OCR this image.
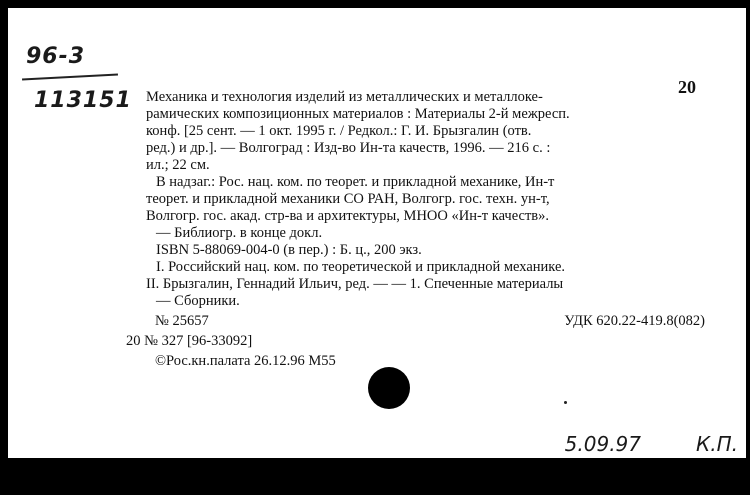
96-3
113151
20
Механика и технология изделий из металлических и металлоке-
рамических композиционных материалов : Материалы 2-й межресп.
конф. [25 сент. — 1 окт. 1995 г. / Редкол.: Г. И. Брызгалин (отв.
ред.) и др.]. — Волгоград : Изд-во Ин-та качеств, 1996. — 216 с. :
ил.; 22 см.
В надзаг.: Рос. нац. ком. по теорет. и прикладной механике, Ин-т
теорет. и прикладной механики СО РАН, Волгогр. гос. техн. ун-т,
Волгогр. гос. акад. стр-ва и архитектуры, МНОО «Ин-т качеств».
— Библиогр. в конце докл.
ISBN 5-88069-004-0 (в пер.) : Б. ц., 200 экз.
I. Российский нац. ком. по теоретической и прикладной механике.
II. Брызгалин, Геннадий Ильич, ред. — — 1. Спеченные материалы
— Сборники.
№ 25657	УДК 620.22-419.8(082)
20 № 327 [96-33092]
©Рос.кн.палата 26.12.96 M55
5.09.97	К.П.
